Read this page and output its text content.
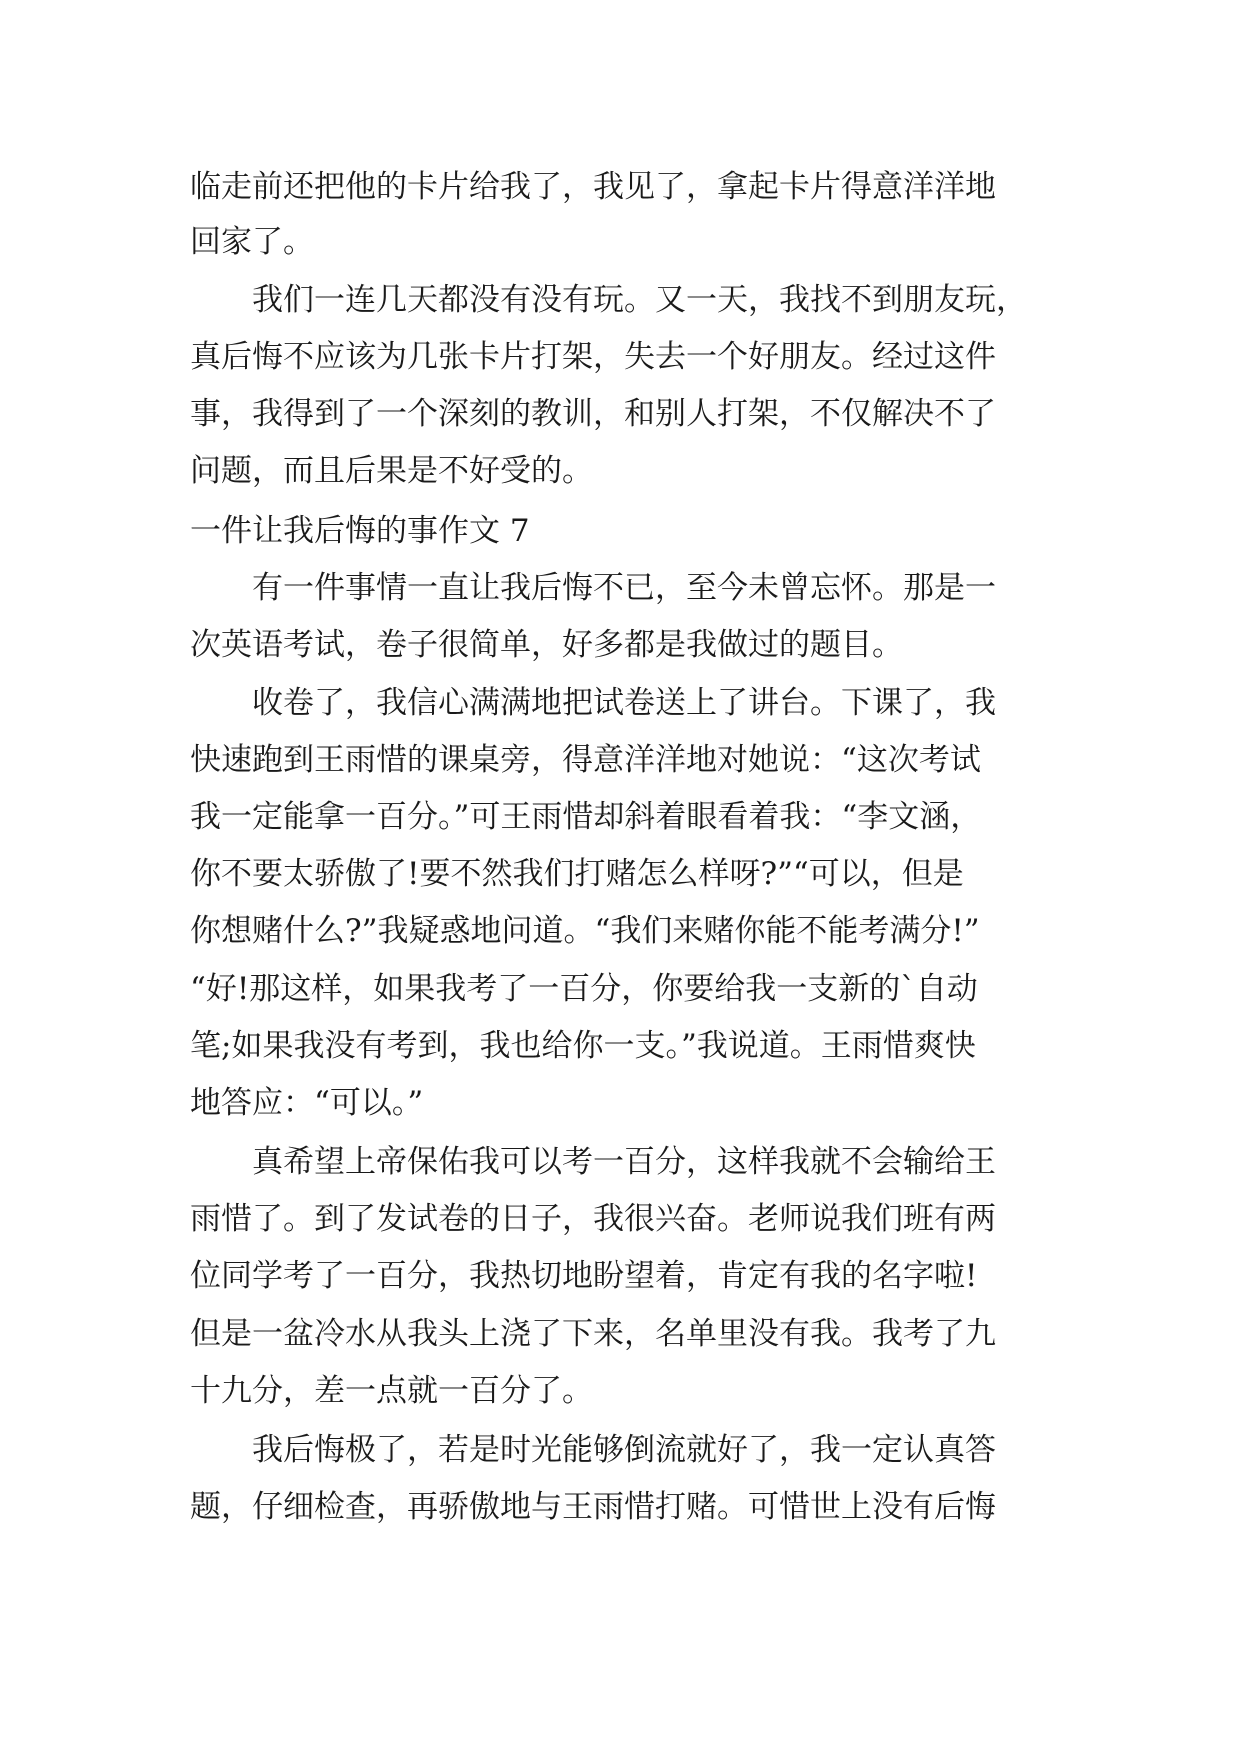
临走前还把他的卡片给我了，我见了，拿起卡片得意洋洋地
回家了。
　　我们一连几天都没有没有玩。又一天，我找不到朋友玩，
真后悔不应该为几张卡片打架，失去一个好朋友。经过这件
事，我得到了一个深刻的教训，和别人打架，不仅解决不了
问题，而且后果是不好受的。
一件让我后悔的事作文 7
　　有一件事情一直让我后悔不已，至今未曾忘怀。那是一
次英语考试，卷子很简单，好多都是我做过的题目。
　　收卷了，我信心满满地把试卷送上了讲台。下课了，我
快速跑到王雨惜的课桌旁，得意洋洋地对她说：“这次考试
我一定能拿一百分。”可王雨惜却斜着眼看着我：“李文涵，
你不要太骄傲了!要不然我们打赌怎么样呀?”“可以，但是
你想赌什么?”我疑惑地问道。“我们来赌你能不能考满分!”
“好!那这样，如果我考了一百分，你要给我一支新的`自动
笔;如果我没有考到，我也给你一支。”我说道。王雨惜爽快
地答应：“可以。”
　　真希望上帝保佑我可以考一百分，这样我就不会输给王
雨惜了。到了发试卷的日子，我很兴奋。老师说我们班有两
位同学考了一百分，我热切地盼望着，肯定有我的名字啦!
但是一盆冷水从我头上浇了下来，名单里没有我。我考了九
十九分，差一点就一百分了。
　　我后悔极了，若是时光能够倒流就好了，我一定认真答
题，仔细检查，再骄傲地与王雨惜打赌。可惜世上没有后悔
